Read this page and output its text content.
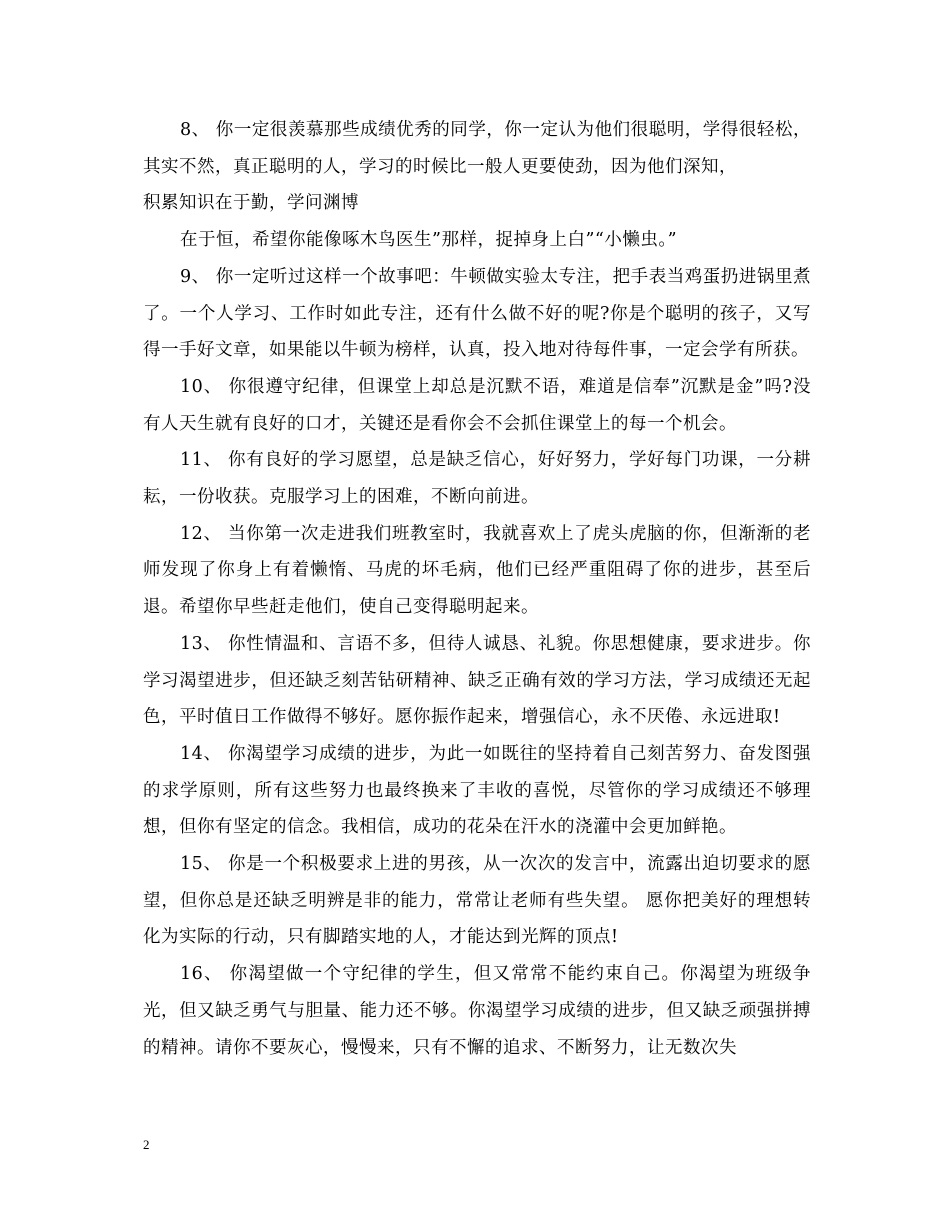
8、 你一定很羡慕那些成绩优秀的同学，你一定认为他们很聪明，学得很轻松，其实不然，真正聪明的人，学习的时候比一般人更要使劲，因为他们深知，

积累知识在于勤，学问渊博

在于恒，希望你能像啄木鸟医生”那样，捉掉身上白”“小懒虫。”

9、 你一定听过这样一个故事吧：牛顿做实验太专注，把手表当鸡蛋扔进锅里煮了。一个人学习、工作时如此专注，还有什么做不好的呢?你是个聪明的孩子，又写得一手好文章，如果能以牛顿为榜样，认真，投入地对待每件事，一定会学有所获。

10、 你很遵守纪律，但课堂上却总是沉默不语，难道是信奉”沉默是金”吗?没有人天生就有良好的口才，关键还是看你会不会抓住课堂上的每一个机会。

11、 你有良好的学习愿望，总是缺乏信心，好好努力，学好每门功课，一分耕耘，一份收获。克服学习上的困难，不断向前进。

12、 当你第一次走进我们班教室时，我就喜欢上了虎头虎脑的你，但渐渐的老师发现了你身上有着懒惰、马虎的坏毛病，他们已经严重阻碍了你的进步，甚至后退。希望你早些赶走他们，使自己变得聪明起来。

13、 你性情温和、言语不多，但待人诚恳、礼貌。你思想健康，要求进步。你学习渴望进步，但还缺乏刻苦钻研精神、缺乏正确有效的学习方法，学习成绩还无起色，平时值日工作做得不够好。愿你振作起来，增强信心，永不厌倦、永远进取!

14、 你渴望学习成绩的进步，为此一如既往的坚持着自己刻苦努力、奋发图强的求学原则，所有这些努力也最终换来了丰收的喜悦，尽管你的学习成绩还不够理想，但你有坚定的信念。我相信，成功的花朵在汗水的浇灌中会更加鲜艳。

15、 你是一个积极要求上进的男孩，从一次次的发言中，流露出迫切要求的愿望，但你总是还缺乏明辨是非的能力，常常让老师有些失望。 愿你把美好的理想转化为实际的行动，只有脚踏实地的人，才能达到光辉的顶点!

16、 你渴望做一个守纪律的学生，但又常常不能约束自己。你渴望为班级争光，但又缺乏勇气与胆量、能力还不够。你渴望学习成绩的进步，但又缺乏顽强拼搏的精神。请你不要灰心，慢慢来，只有不懈的追求、不断努力，让无数次失

2
